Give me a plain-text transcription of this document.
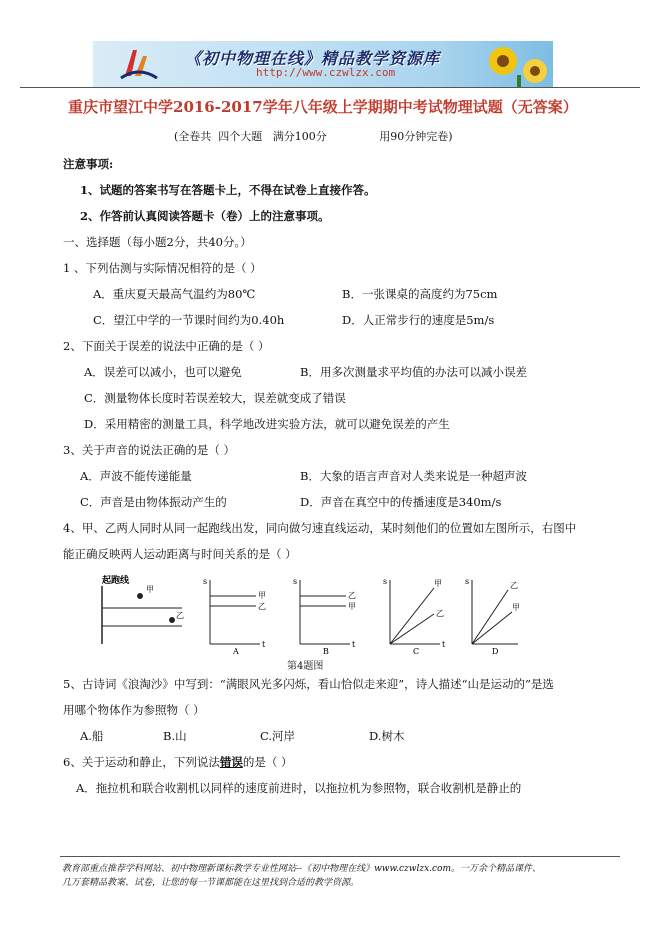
《初中物理在线》精品教学资源库
http://www.czwlzx.com
重庆市望江中学2016-2017学年八年级上学期期中考试物理试题（无答案）
(全卷共  四个大题   满分100分               用90分钟完卷)
注意事项:
1、试题的答案书写在答题卡上，不得在试卷上直接作答。
2、作答前认真阅读答题卡（卷）上的注意事项。
一、选择题（每小题2分，共40分。）
1 、下列估测与实际情况相符的是（ ）
A．重庆夏天最高气温约为80℃	B．一张课桌的高度约为75cm
C．望江中学的一节课时间约为0.40h	D．人正常步行的速度是5m/s
2、下面关于误差的说法中正确的是（ ）
A．误差可以减小，也可以避免	B．用多次测量求平均值的办法可以减小误差
C．测量物体长度时若误差较大，误差就变成了错误
D．采用精密的测量工具，科学地改进实验方法，就可以避免误差的产生
3、关于声音的说法正确的是（ ）
A．声波不能传递能量	B．大象的语言声音对人类来说是一种超声波
C．声音是由物体振动产生的	D．声音在真空中的传播速度是340m/s
4、甲、乙两人同时从同一起跑线出发，同向做匀速直线运动，某时刻他们的位置如左图所示，右图中
能正确反映两人运动距离与时间关系的是（ ）
起跑线
甲
乙
s
t
甲
乙
A
s
t
乙
甲
B
s
t
甲
乙
C
s	乙
甲
D
第4题图
5、古诗词《浪淘沙》中写到：“满眼风光多闪烁，看山恰似走来迎”，诗人描述“山是运动的”是选
用哪个物体作为参照物（ ）
A.船	B.山	C.河岸	D.树木
6、关于运动和静止，下列说法错误的是（ ）
A．拖拉机和联合收割机以同样的速度前进时，以拖拉机为参照物，联合收割机是静止的
教育部重点推荐学科网站、初中物理新课标教学专业性网站--《初中物理在线》www.czwlzx.com。一万余个精品课件、
几万套精品教案、试卷，让您的每一节课都能在这里找到合适的教学资源。
